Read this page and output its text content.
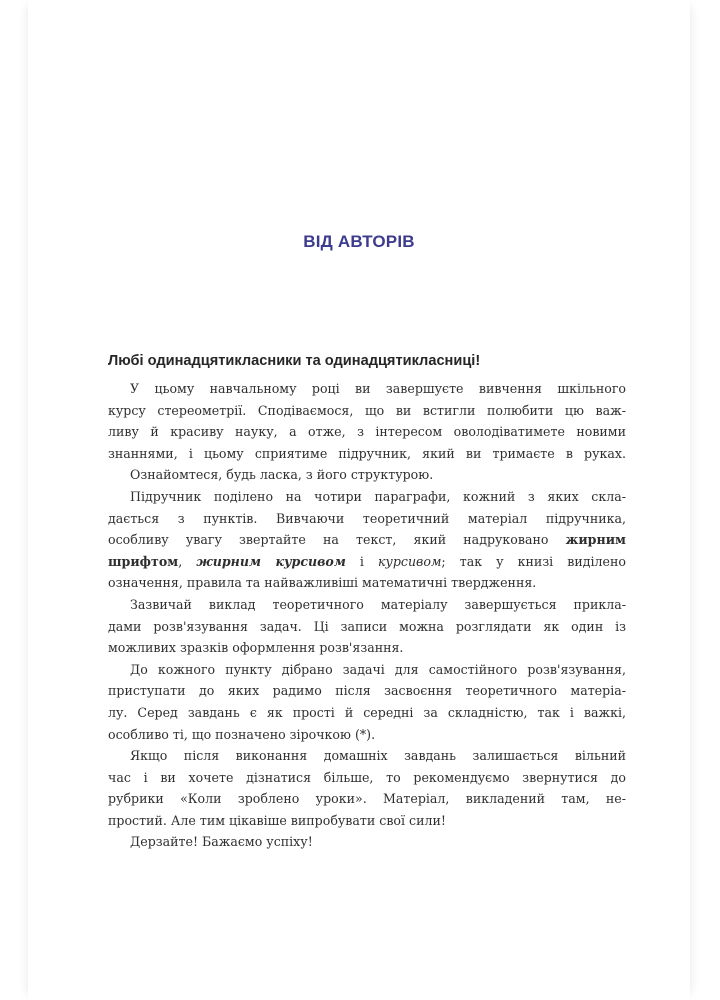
ВІД АВТОРІВ
Любі одинадцятикласники та одинадцятикласниці!
У цьому навчальному році ви завершуєте вивчення шкільного
курсу стереометрії. Сподіваємося, що ви встигли полюбити цю важ-
ливу й красиву науку, а отже, з інтересом оволодіватимете новими
знаннями, і цьому сприятиме підручник, який ви тримаєте в руках.
Ознайомтеся, будь ласка, з його структурою.
Підручник поділено на чотири параграфи, кожний з яких скла-
дається з пунктів. Вивчаючи теоретичний матеріал підручника,
особливу увагу звертайте на текст, який надруковано жирним
шрифтом, жирним курсивом і курсивом; так у книзі виділено
означення, правила та найважливіші математичні твердження.
Зазвичай виклад теоретичного матеріалу завершується прикла-
дами розв'язування задач. Ці записи можна розглядати як один із
можливих зразків оформлення розв'язання.
До кожного пункту дібрано задачі для самостійного розв'язування,
приступати до яких радимо після засвоєння теоретичного матеріа-
лу. Серед завдань є як прості й середні за складністю, так і важкі,
особливо ті, що позначено зірочкою (*).
Якщо після виконання домашніх завдань залишається вільний
час і ви хочете дізнатися більше, то рекомендуємо звернутися до
рубрики «Коли зроблено уроки». Матеріал, викладений там, не-
простий. Але тим цікавіше випробувати свої сили!
Дерзайте! Бажаємо успіху!
